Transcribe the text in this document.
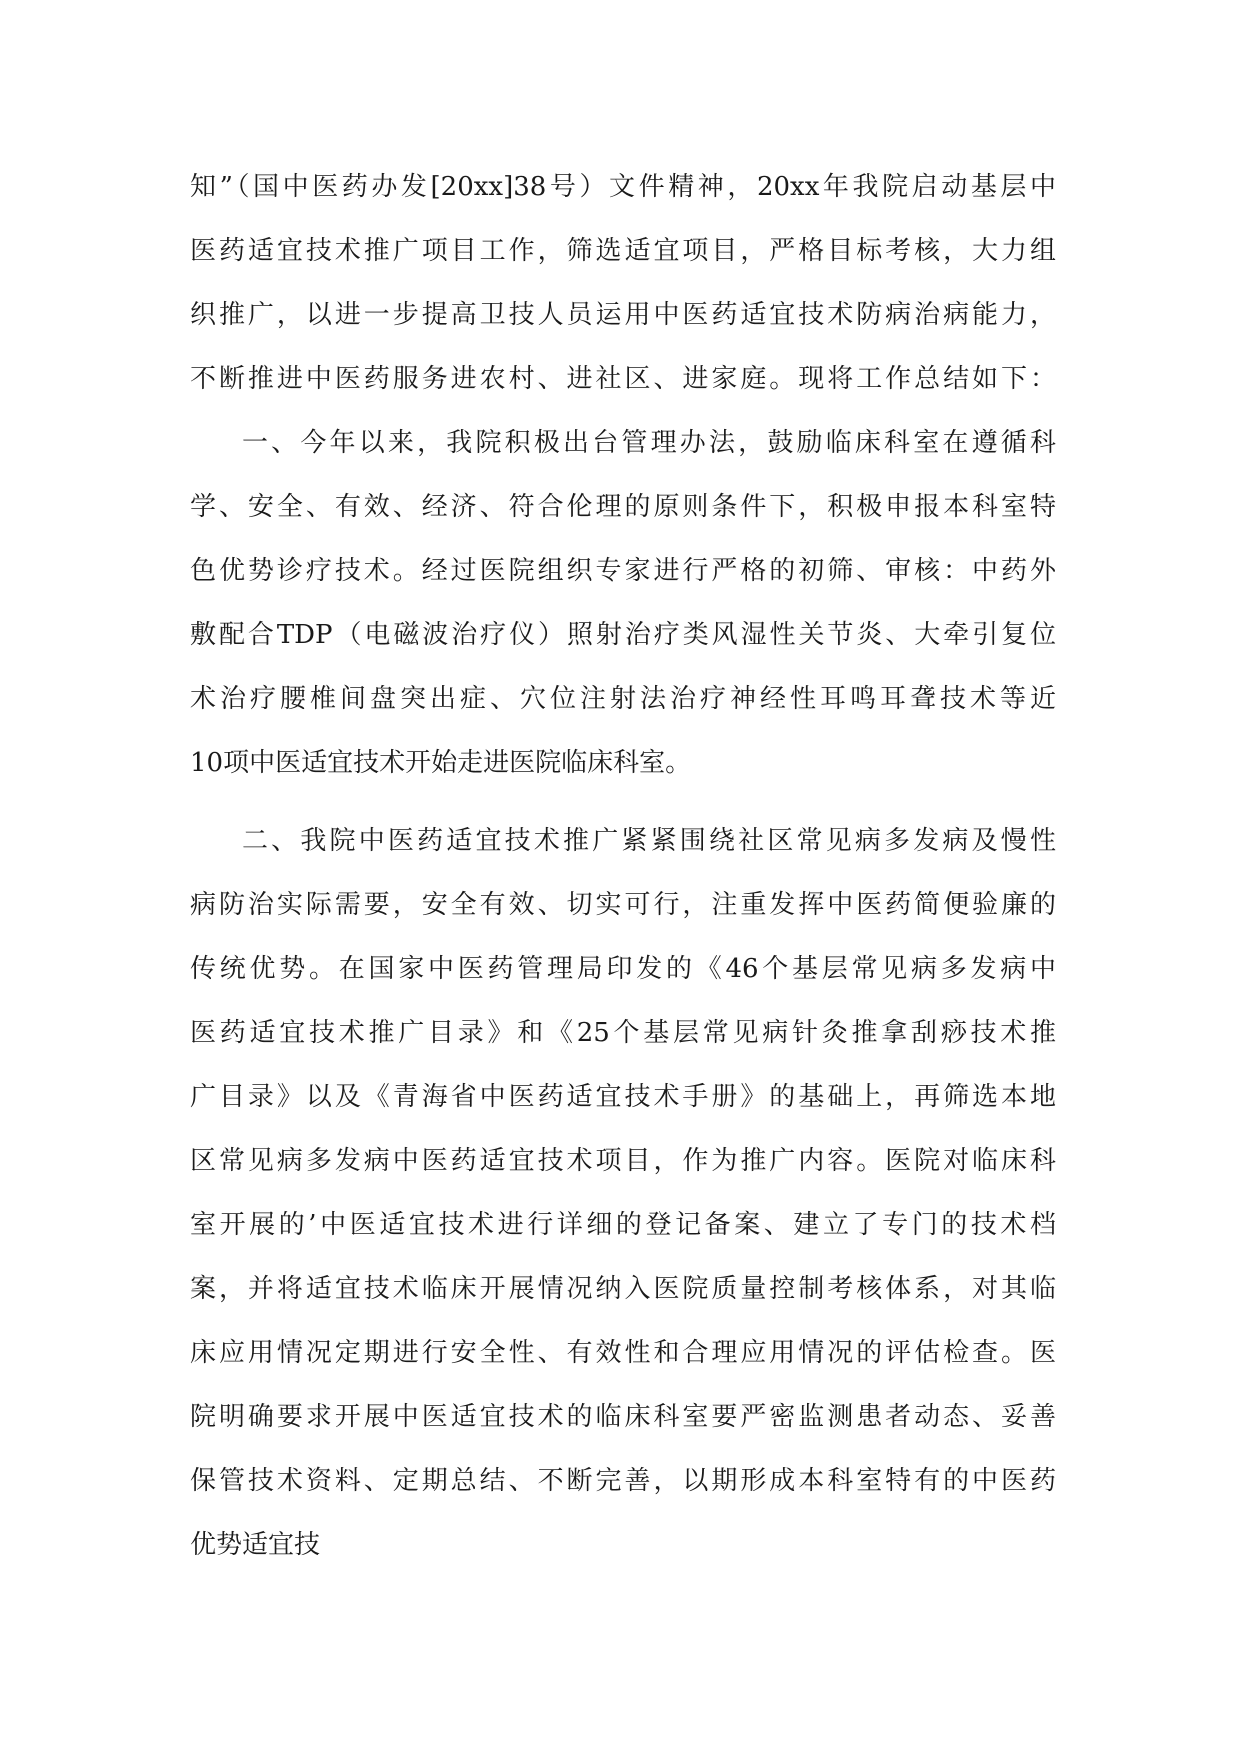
知”（国中医药办发[20xx]38号）文件精神，20xx年我院启动基层中
医药适宜技术推广项目工作，筛选适宜项目，严格目标考核，大力组
织推广，以进一步提高卫技人员运用中医药适宜技术防病治病能力，
不断推进中医药服务进农村、进社区、进家庭。现将工作总结如下：
一、今年以来，我院积极出台管理办法，鼓励临床科室在遵循科
学、安全、有效、经济、符合伦理的原则条件下，积极申报本科室特
色优势诊疗技术。经过医院组织专家进行严格的初筛、审核：中药外
敷配合TDP（电磁波治疗仪）照射治疗类风湿性关节炎、大牵引复位
术治疗腰椎间盘突出症、穴位注射法治疗神经性耳鸣耳聋技术等近
10项中医适宜技术开始走进医院临床科室。
二、我院中医药适宜技术推广紧紧围绕社区常见病多发病及慢性
病防治实际需要，安全有效、切实可行，注重发挥中医药简便验廉的
传统优势。在国家中医药管理局印发的《46个基层常见病多发病中
医药适宜技术推广目录》和《25个基层常见病针灸推拿刮痧技术推
广目录》以及《青海省中医药适宜技术手册》的基础上，再筛选本地
区常见病多发病中医药适宜技术项目，作为推广内容。医院对临床科
室开展的’中医适宜技术进行详细的登记备案、建立了专门的技术档
案，并将适宜技术临床开展情况纳入医院质量控制考核体系，对其临
床应用情况定期进行安全性、有效性和合理应用情况的评估检查。医
院明确要求开展中医适宜技术的临床科室要严密监测患者动态、妥善
保管技术资料、定期总结、不断完善，以期形成本科室特有的中医药
优势适宜技
